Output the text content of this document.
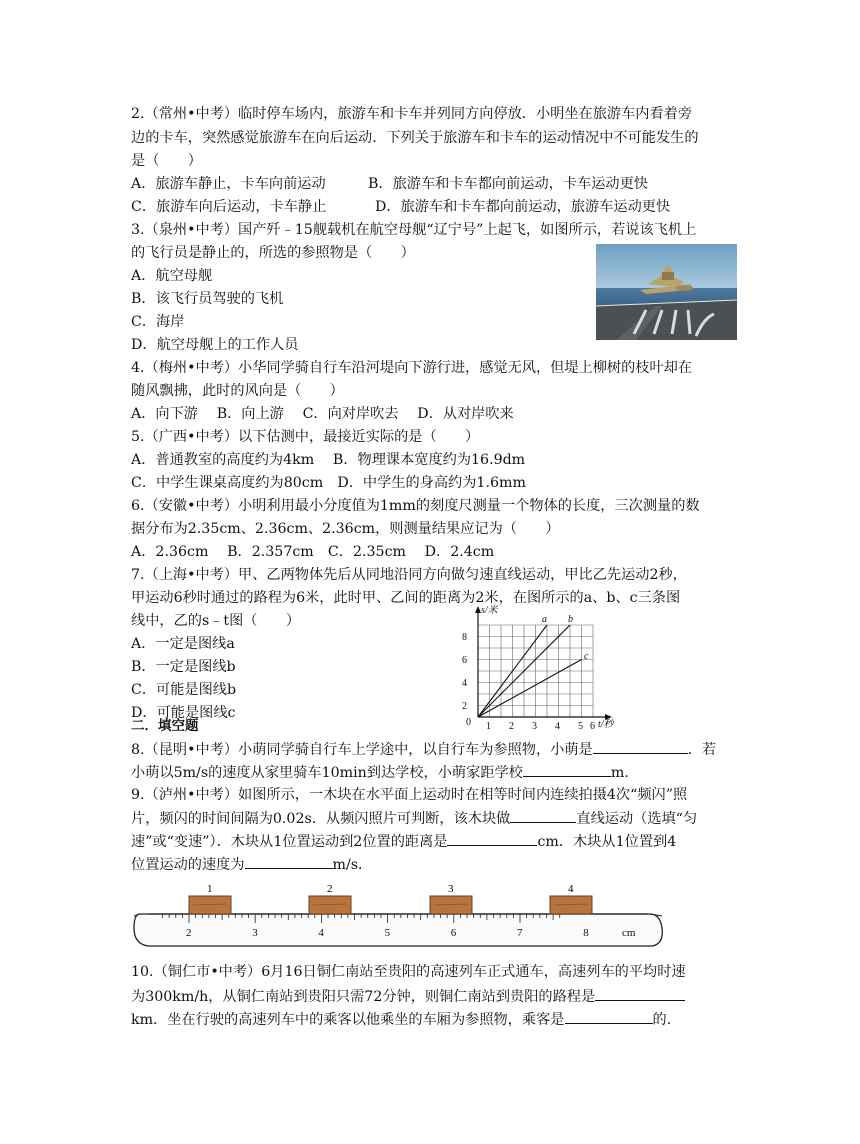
2.（常州•中考）临时停车场内，旅游车和卡车并列同方向停放．小明坐在旅游车内看着旁
边的卡车，突然感觉旅游车在向后运动．下列关于旅游车和卡车的运动情况中不可能发生的
是（　　）
A．旅游车静止，卡车向前运动	B．旅游车和卡车都向前运动，卡车运动更快
C．旅游车向后运动，卡车静止	D．旅游车和卡车都向前运动，旅游车运动更快
3.（泉州•中考）国产歼﹣15舰载机在航空母舰“辽宁号”上起飞，如图所示，若说该飞机上
的飞行员是静止的，所选的参照物是（　　）
A．航空母舰
B．该飞行员驾驶的飞机
C．海岸
D．航空母舰上的工作人员
4.（梅州•中考）小华同学骑自行车沿河堤向下游行进，感觉无风，但堤上柳树的枝叶却在
随风飘拂，此时的风向是（　　）
A．向下游　 B．向上游　 C．向对岸吹去　 D．从对岸吹来
5.（广西•中考）以下估测中，最接近实际的是（　　）
A．普通教室的高度约为4km　 B．物理课本宽度约为16.9dm
C．中学生课桌高度约为80cm　D．中学生的身高约为1.6mm
6.（安徽•中考）小明利用最小分度值为1mm的刻度尺测量一个物体的长度，三次测量的数
据分布为2.35cm、2.36cm、2.36cm，则测量结果应记为（　　）
A．2.36cm　 B．2.357cm　C．2.35cm　 D．2.4cm
7.（上海•中考）甲、乙两物体先后从同地沿同方向做匀速直线运动，甲比乙先运动2秒，
甲运动6秒时通过的路程为6米，此时甲、乙间的距离为2米，在图所示的a、b、c三条图
线中，乙的s﹣t图（　　）
A．一定是图线a
B．一定是图线b
C．可能是图线b
D．可能是图线c
s/米
t/秒
8
6
4
2
0 1 2 3 4 5 6
a b
c
二．填空题
8.（昆明•中考）小萌同学骑自行车上学途中，以自行车为参照物，小萌是	．若
小萌以5m/s的速度从家里骑车10min到达学校，小萌家距学校	m.
9.（泸州•中考）如图所示，一木块在水平面上运动时在相等时间内连续拍摄4次“频闪”照
片，频闪的时间间隔为0.02s．从频闪照片可判断，该木块做	直线运动（选填“匀
速”或“变速”）．木块从1位置运动到2位置的距离是	cm．木块从1位置到4
位置运动的速度为	m/s．
2	3	4	5	6	7	8	cm
1	2	3	4
10.（铜仁市•中考）6月16日铜仁南站至贵阳的高速列车正式通车，高速列车的平均时速
为300km/h，从铜仁南站到贵阳只需72分钟，则铜仁南站到贵阳的路程是
km．坐在行驶的高速列车中的乘客以他乘坐的车厢为参照物，乘客是	的.
